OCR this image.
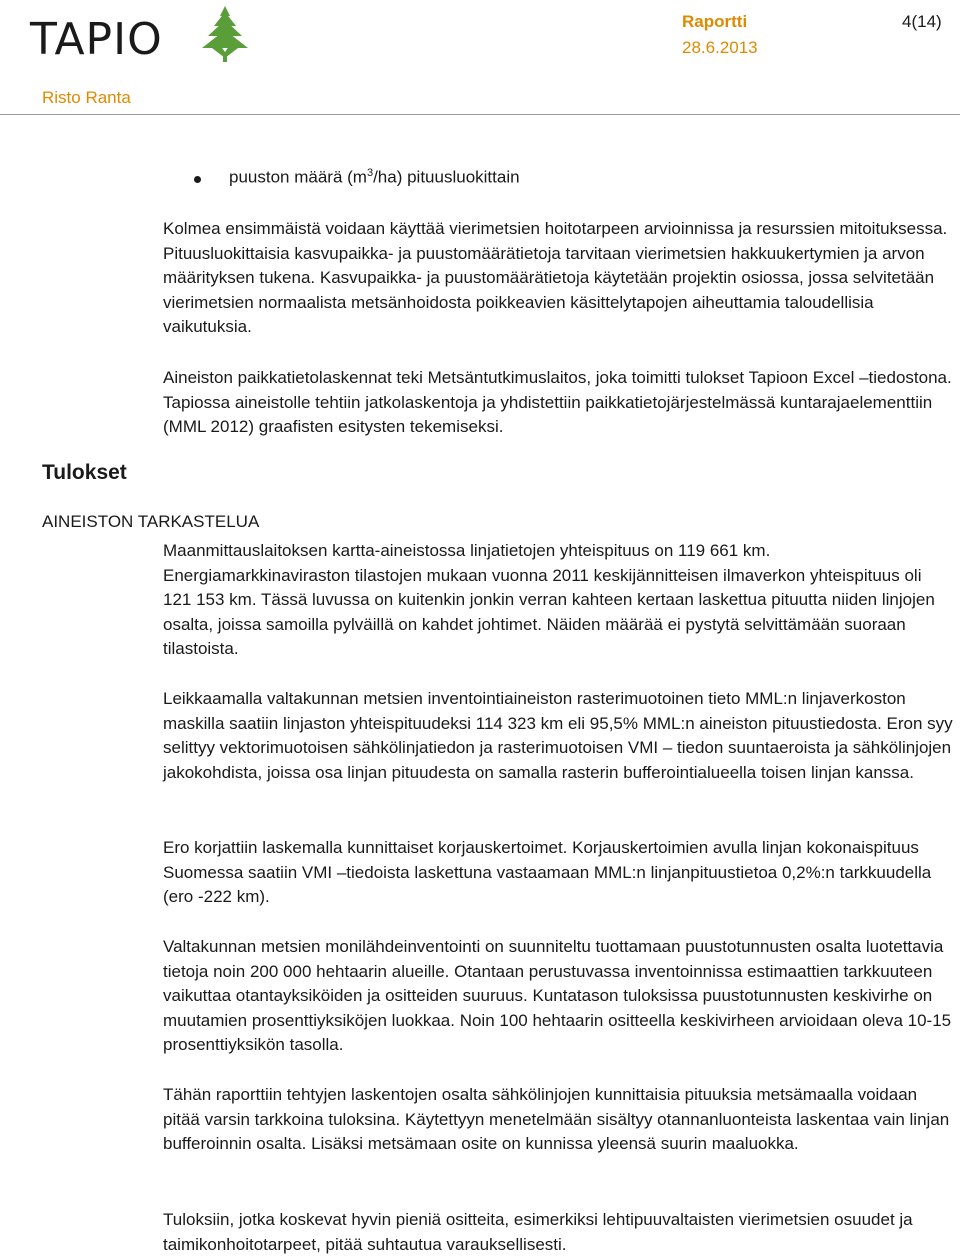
TAPIO	Raportti
28.6.2013
4(14)
Risto Ranta
puuston määrä $(m^3/ha)$ pituusluokittain

Kolmea ensimmäistä voidaan käyttää vierimetsien hoitotarpeen arvioinnissa ja resurssien mitoituksessa. Pituusluokittaisia kasvupaikka- ja puustomäärätietoja tarvitaan vierimetsien hakkuukertymien ja arvon määrityksen tukena. Kasvupaikka- ja puustomäärätietoja käytetään projektin osiossa, jossa selvitetään vierimetsien normaalista metsänhoidosta poikkeavien käsittelytapojen aiheuttamia taloudellisia vaikutuksia.

Aineiston paikkatietolaskennat teki Metsäntutkimuslaitos, joka toimitti tulokset Tapioon Excel –tiedostona. Tapiossa aineistolle tehtiin jatkolaskentoja ja yhdistettiin paikkatietojärjestelmässä kuntarajaelementtiin (MML 2012) graafisten esitysten tekemiseksi.

Tulokset
AINEISTON TARKASTELUA

Maanmittauslaitoksen kartta-aineistossa linjatietojen yhteispituus on 119 661 km. Energiamarkkinaviraston tilastojen mukaan vuonna 2011 keskijännitteisen ilmaverkon yhteispituus oli 121 153 km. Tässä luvussa on kuitenkin jonkin verran kahteen kertaan laskettua pituutta niiden linjojen osalta, joissa samoilla pylväillä on kahdet johtimet. Näiden määrää ei pystytä selvittämään suoraan tilastoista.

Leikkaamalla valtakunnan metsien inventointiaineiston rasterimuotoinen tieto MML:n linjaverkoston maskilla saatiin linjaston yhteispituudeksi 114 323 km eli 95,5% MML:n aineiston pituustiedosta. Eron syy selittyy vektorimuotoisen sähkölinjatiedon ja rasterimuotoisen VMI – tiedon suuntaeroista ja sähkölinjojen jakokohdista, joissa osa linjan pituudesta on samalla rasterin bufferointialueella toisen linjan kanssa.

Ero korjattiin laskemalla kunnittaiset korjauskertoimet. Korjauskertoimien avulla linjan kokonaispituus Suomessa saatiin VMI –tiedoista laskettuna vastaamaan MML:n linjanpituustietoa 0,2%:n tarkkuudella (ero -222 km).

Valtakunnan metsien monilähdeinventointi on suunniteltu tuottamaan puustotunnusten osalta luotettavia tietoja noin 200 000 hehtaarin alueille. Otantaan perustuvassa inventoinnissa estimaattien tarkkuuteen vaikuttaa otantayksiköiden ja ositteiden suuruus. Kuntatason tuloksissa puustotunnusten keskivirhe on muutamien prosenttiyksiköjen luokkaa. Noin 100 hehtaarin ositteella keskivirheen arvioidaan oleva 10-15 prosenttiyksikön tasolla.

Tähän raporttiin tehtyjen laskentojen osalta sähkölinjojen kunnittaisia pituuksia metsämaalla voidaan pitää varsin tarkkoina tuloksina. Käytettyyn menetelmään sisältyy otannanluonteista laskentaa vain linjan bufferoinnin osalta. Lisäksi metsämaan osite on kunnissa yleensä suurin maaluokka.

Tuloksiin, jotka koskevat hyvin pieniä ositteita, esimerkiksi lehtipuuvaltaisten vierimetsien osuudet ja taimikonhoitotarpeet, pitää suhtautua varauksellisesti.
